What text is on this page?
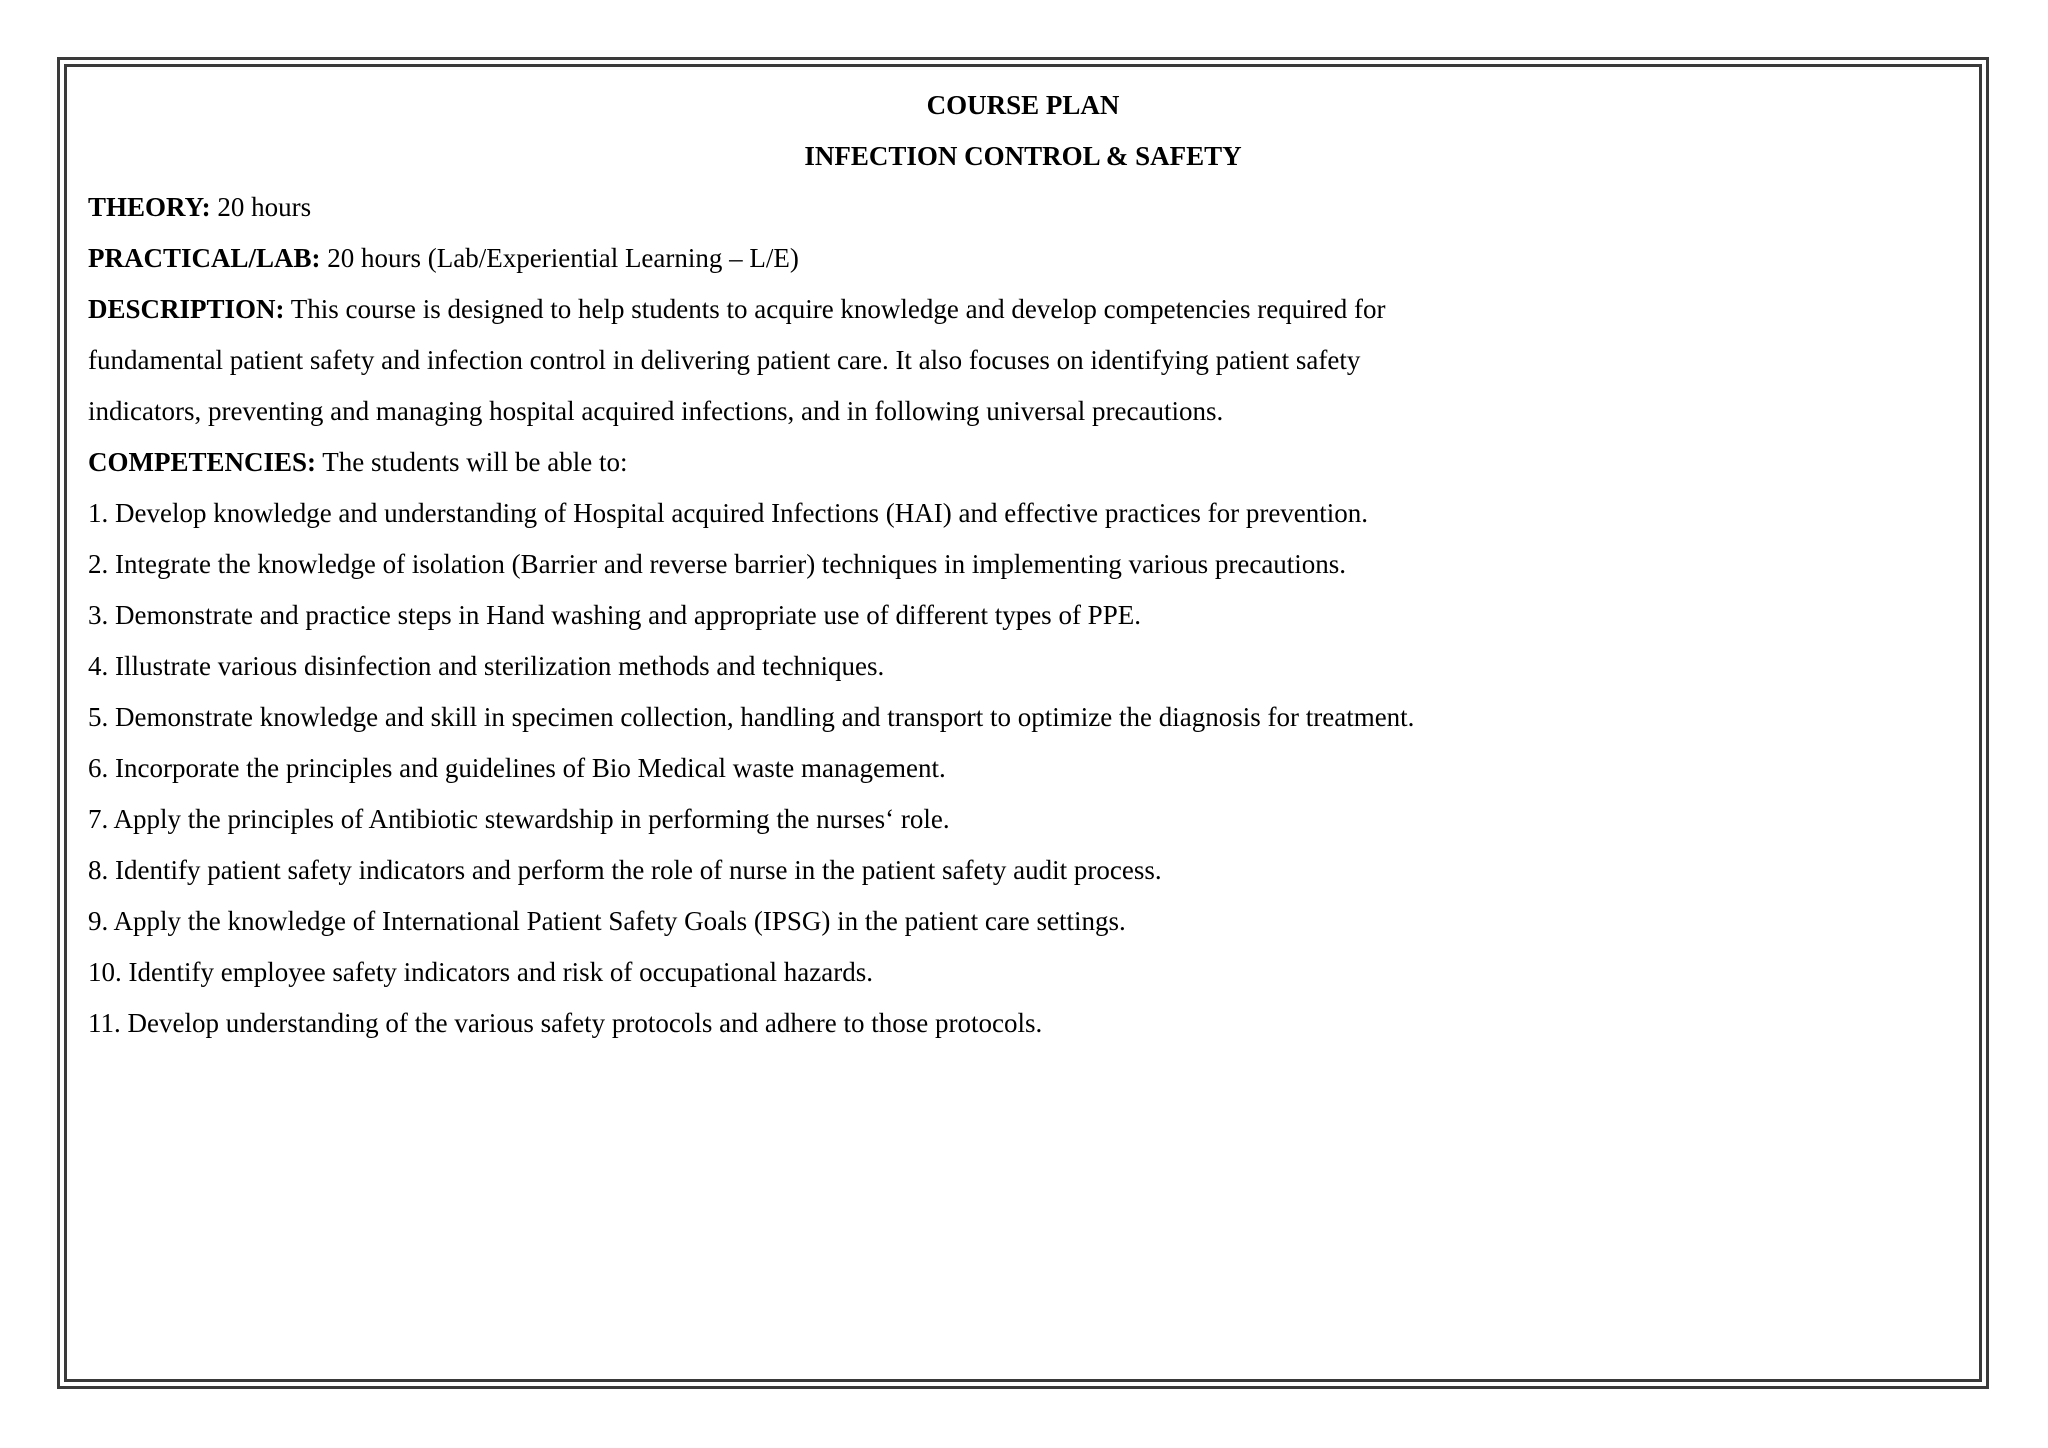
COURSE PLAN
INFECTION CONTROL & SAFETY
THEORY: 20 hours
PRACTICAL/LAB: 20 hours (Lab/Experiential Learning – L/E)
DESCRIPTION: This course is designed to help students to acquire knowledge and develop competencies required for
fundamental patient safety and infection control in delivering patient care. It also focuses on identifying patient safety
indicators, preventing and managing hospital acquired infections, and in following universal precautions.
COMPETENCIES: The students will be able to:
1. Develop knowledge and understanding of Hospital acquired Infections (HAI) and effective practices for prevention.
2. Integrate the knowledge of isolation (Barrier and reverse barrier) techniques in implementing various precautions.
3. Demonstrate and practice steps in Hand washing and appropriate use of different types of PPE.
4. Illustrate various disinfection and sterilization methods and techniques.
5. Demonstrate knowledge and skill in specimen collection, handling and transport to optimize the diagnosis for treatment.
6. Incorporate the principles and guidelines of Bio Medical waste management.
7. Apply the principles of Antibiotic stewardship in performing the nurses‘ role.
8. Identify patient safety indicators and perform the role of nurse in the patient safety audit process.
9. Apply the knowledge of International Patient Safety Goals (IPSG) in the patient care settings.
10. Identify employee safety indicators and risk of occupational hazards.
11. Develop understanding of the various safety protocols and adhere to those protocols.
